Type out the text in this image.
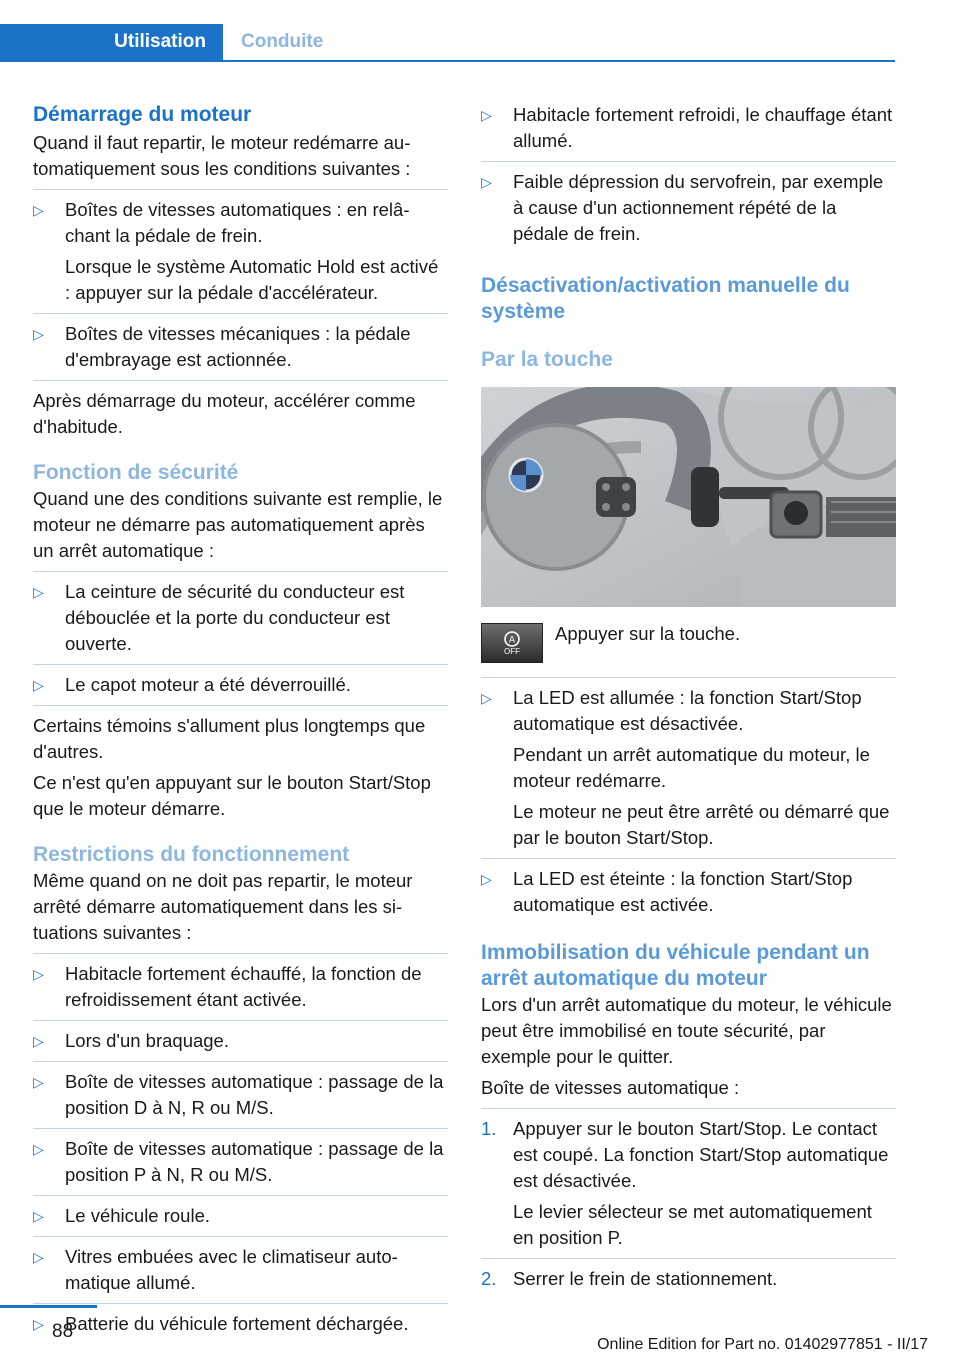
Utilisation	Conduite
Démarrage du moteur

Quand il faut repartir, le moteur redémarre automatiquement sous les conditions suivantes :

▷ Boîtes de vitesses automatiques : en relâchant la pédale de frein.
Lorsque le système Automatic Hold est activé : appuyer sur la pédale d'accélérateur.
▷ Boîtes de vitesses mécaniques : la pédale d'embrayage est actionnée.

Après démarrage du moteur, accélérer comme d'habitude.

Fonction de sécurité

Quand une des conditions suivante est remplie, le moteur ne démarre pas automatiquement après un arrêt automatique :

▷ La ceinture de sécurité du conducteur est débouclée et la porte du conducteur est ouverte.
▷ Le capot moteur a été déverrouillé.

Certains témoins s'allument plus longtemps que d'autres.

Ce n'est qu'en appuyant sur le bouton Start/Stop que le moteur démarre.

Restrictions du fonctionnement

Même quand on ne doit pas repartir, le moteur arrêté démarre automatiquement dans les situations suivantes :

▷ Habitacle fortement échauffé, la fonction de refroidissement étant activée.
▷ Lors d'un braquage.
▷ Boîte de vitesses automatique : passage de la position D à N, R ou M/S.
▷ Boîte de vitesses automatique : passage de la position P à N, R ou M/S.
▷ Le véhicule roule.
▷ Vitres embuées avec le climatiseur automatique allumé.
▷ Batterie du véhicule fortement déchargée.
▷ Habitacle fortement refroidi, le chauffage étant allumé.
▷ Faible dépression du servofrein, par exemple à cause d'un actionnement répété de la pédale de frein.
Désactivation/activation manuelle du système
Par la touche
A
OFF

Appuyer sur la touche.

▷ La LED est allumée : la fonction Start/Stop automatique est désactivée.
Pendant un arrêt automatique du moteur, le moteur redémarre.
Le moteur ne peut être arrêté ou démarré que par le bouton Start/Stop.
▷ La LED est éteinte : la fonction Start/Stop automatique est activée.
Immobilisation du véhicule pendant un arrêt automatique du moteur

Lors d'un arrêt automatique du moteur, le véhicule peut être immobilisé en toute sécurité, par exemple pour le quitter.

Boîte de vitesses automatique :

1. Appuyer sur le bouton Start/Stop. Le contact est coupé. La fonction Start/Stop automatique est désactivée.
Le levier sélecteur se met automatiquement en position P.
2. Serrer le frein de stationnement.
88
Online Edition for Part no. 01402977851 - II/17
